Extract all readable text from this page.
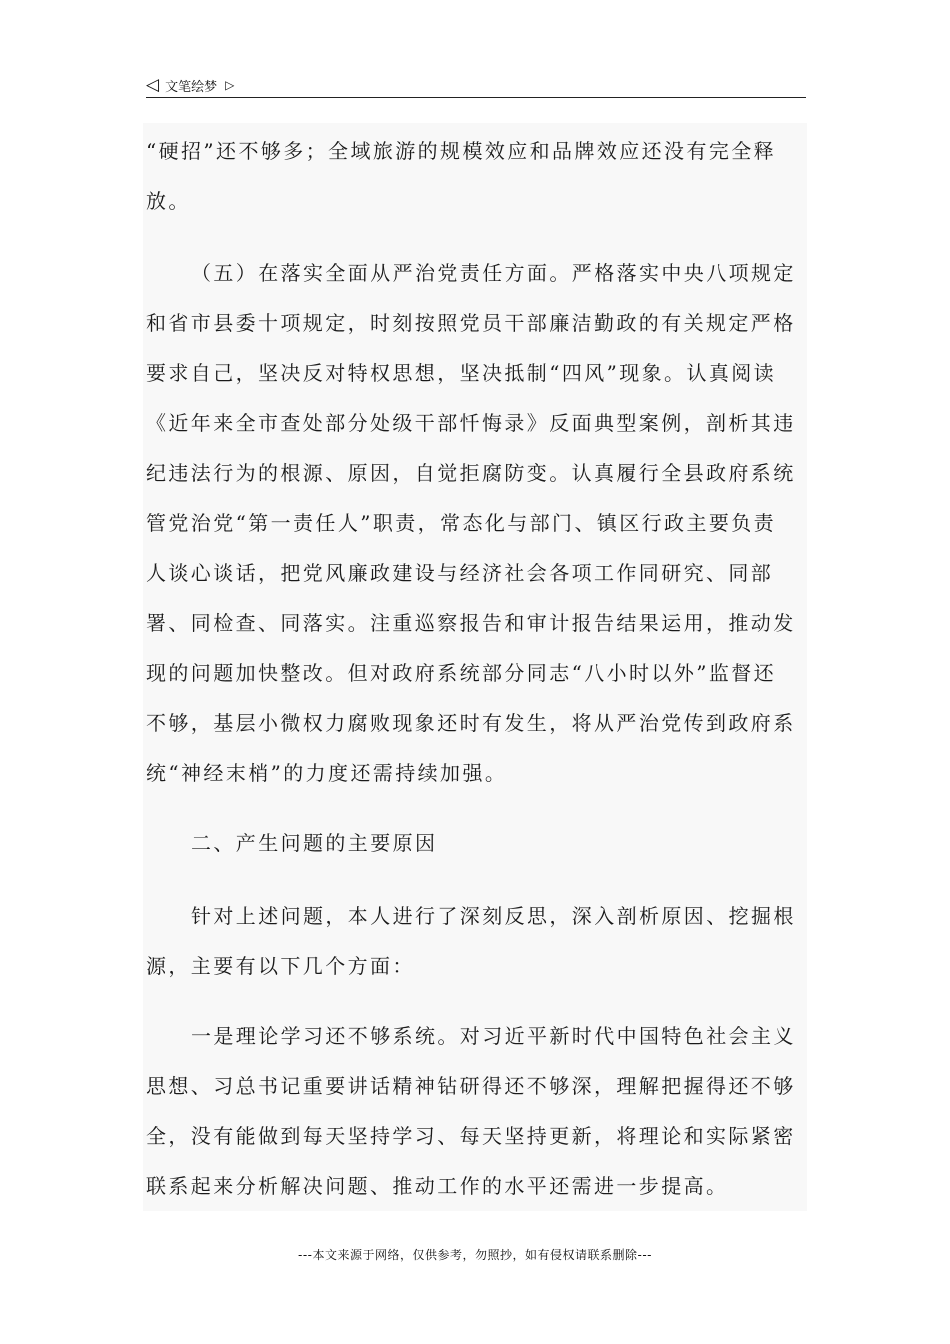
◁ 文笔绘梦 ▷

“硬招”还不够多；全域旅游的规模效应和品牌效应还没有完全释放。

（五）在落实全面从严治党责任方面。严格落实中央八项规定和省市县委十项规定，时刻按照党员干部廉洁勤政的有关规定严格要求自己，坚决反对特权思想，坚决抵制“四风”现象。认真阅读《近年来全市查处部分处级干部忏悔录》反面典型案例，剖析其违纪违法行为的根源、原因，自觉拒腐防变。认真履行全县政府系统管党治党“第一责任人”职责，常态化与部门、镇区行政主要负责人谈心谈话，把党风廉政建设与经济社会各项工作同研究、同部署、同检查、同落实。注重巡察报告和审计报告结果运用，推动发现的问题加快整改。但对政府系统部分同志“八小时以外”监督还不够，基层小微权力腐败现象还时有发生，将从严治党传到政府系统“神经末梢”的力度还需持续加强。

二、产生问题的主要原因

针对上述问题，本人进行了深刻反思，深入剖析原因、挖掘根源，主要有以下几个方面：

一是理论学习还不够系统。对习近平新时代中国特色社会主义思想、习总书记重要讲话精神钻研得还不够深，理解把握得还不够全，没有能做到每天坚持学习、每天坚持更新，将理论和实际紧密联系起来分析解决问题、推动工作的水平还需进一步提高。

---本文来源于网络，仅供参考，勿照抄，如有侵权请联系删除---
